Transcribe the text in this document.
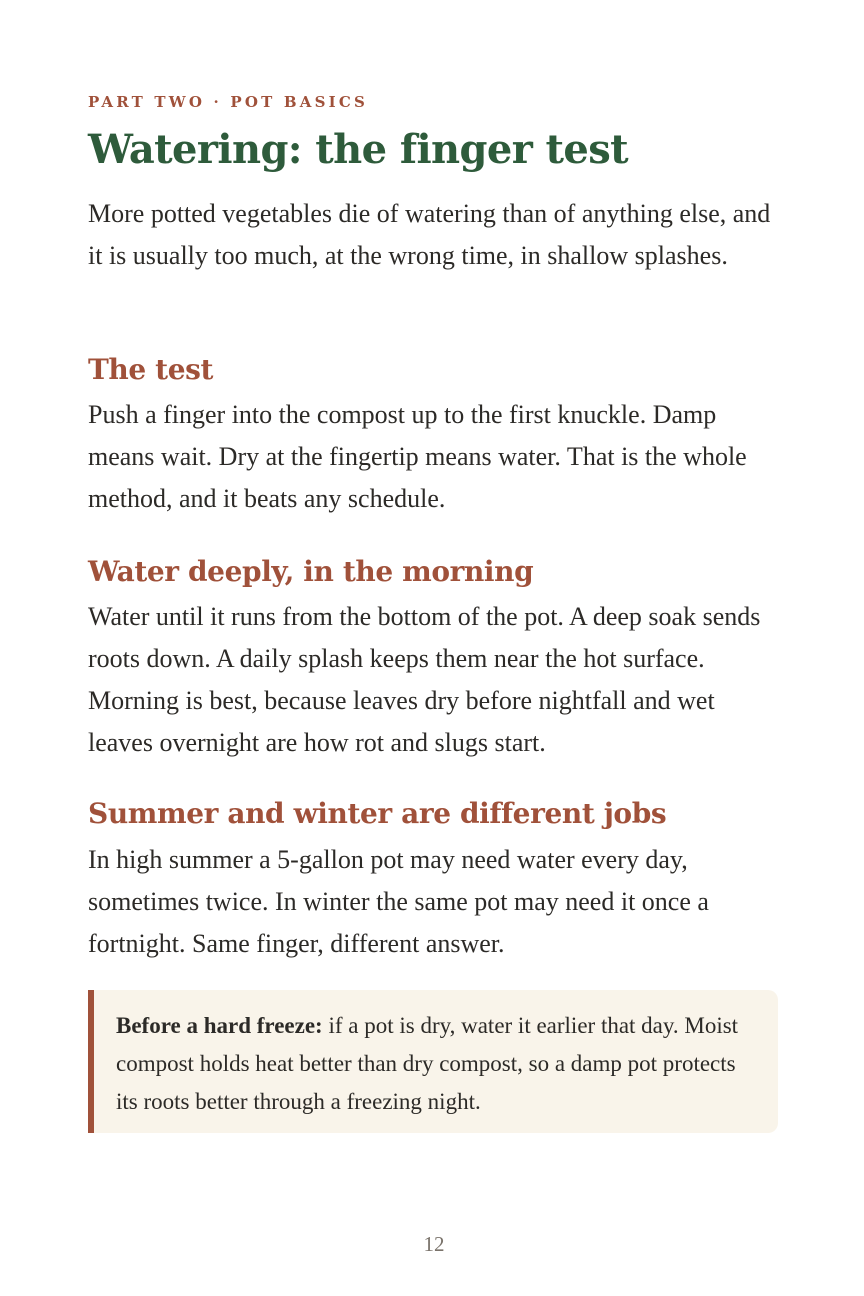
PART TWO · POT BASICS

Watering: the finger test

More potted vegetables die of watering than of anything else, and it is usually too much, at the wrong time, in shallow splashes.

The test

Push a finger into the compost up to the first knuckle. Damp means wait. Dry at the fingertip means water. That is the whole method, and it beats any schedule.

Water deeply, in the morning

Water until it runs from the bottom of the pot. A deep soak sends roots down. A daily splash keeps them near the hot surface. Morning is best, because leaves dry before nightfall and wet leaves overnight are how rot and slugs start.

Summer and winter are different jobs

In high summer a 5-gallon pot may need water every day, sometimes twice. In winter the same pot may need it once a fortnight. Same finger, different answer.

Before a hard freeze: if a pot is dry, water it earlier that day. Moist compost holds heat better than dry compost, so a damp pot protects its roots better through a freezing night.

12
